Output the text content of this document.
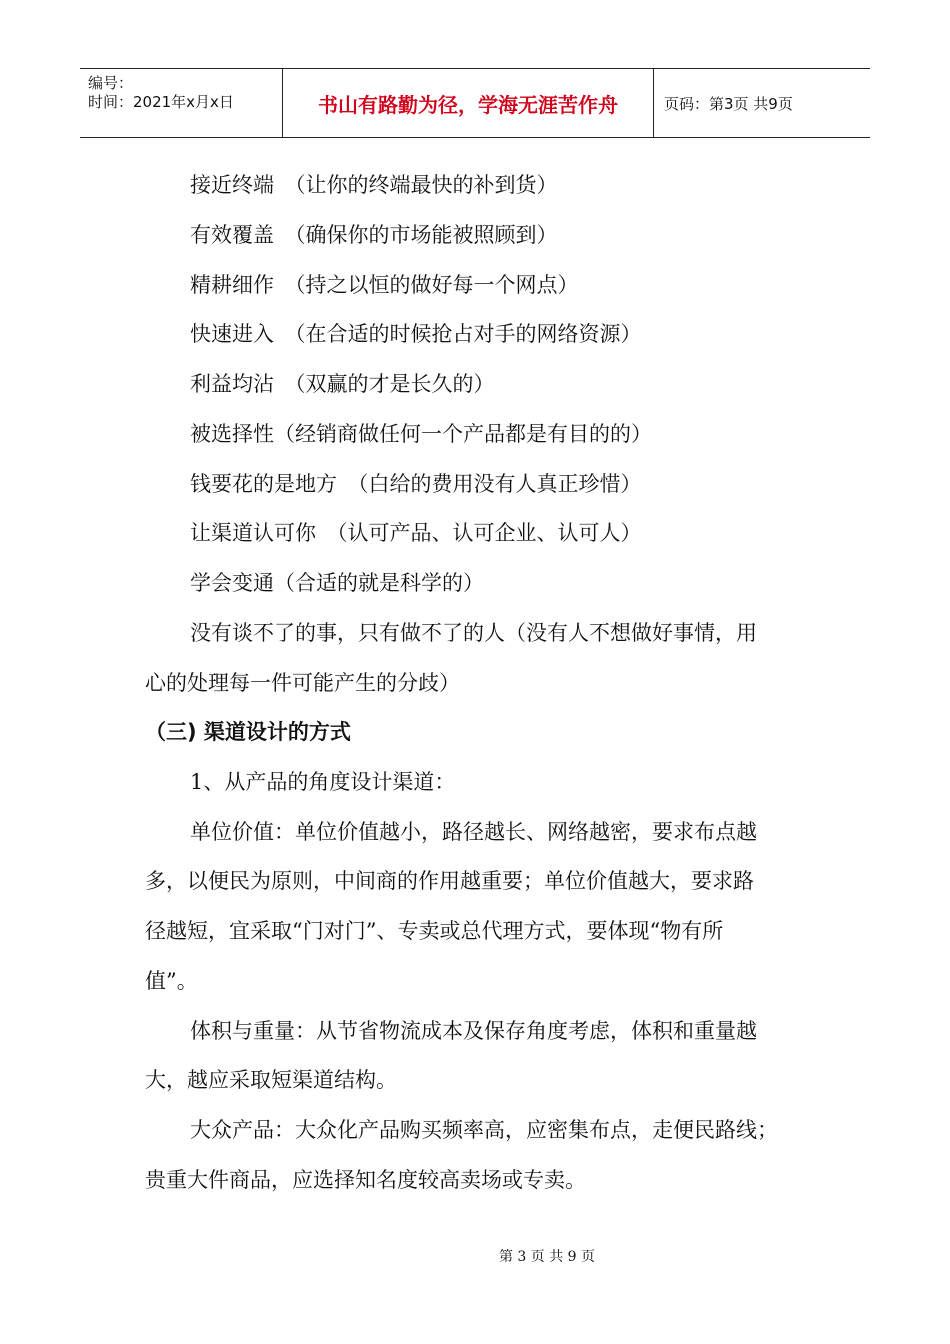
编号：
时间：2021年x月x日	书山有路勤为径，学海无涯苦作舟	页码：第3页 共9页
接近终端　（让你的终端最快的补到货）
有效覆盖　（确保你的市场能被照顾到）
精耕细作　（持之以恒的做好每一个网点）
快速进入　（在合适的时候抢占对手的网络资源）
利益均沾　（双赢的才是长久的）
被选择性（经销商做任何一个产品都是有目的的）
钱要花的是地方　（白给的费用没有人真正珍惜）
让渠道认可你　（认可产品、认可企业、认可人）
学会变通（合适的就是科学的）
没有谈不了的事，只有做不了的人（没有人不想做好事情，用
心的处理每一件可能产生的分歧）
（三) 渠道设计的方式
1、从产品的角度设计渠道：
单位价值：单位价值越小，路径越长、网络越密，要求布点越
多，以便民为原则，中间商的作用越重要；单位价值越大，要求路
径越短，宜采取“门对门”、专卖或总代理方式，要体现“物有所
值”。
体积与重量：从节省物流成本及保存角度考虑，体积和重量越
大，越应采取短渠道结构。
大众产品：大众化产品购买频率高，应密集布点，走便民路线；
贵重大件商品，应选择知名度较高卖场或专卖。
第 3 页 共 9 页
